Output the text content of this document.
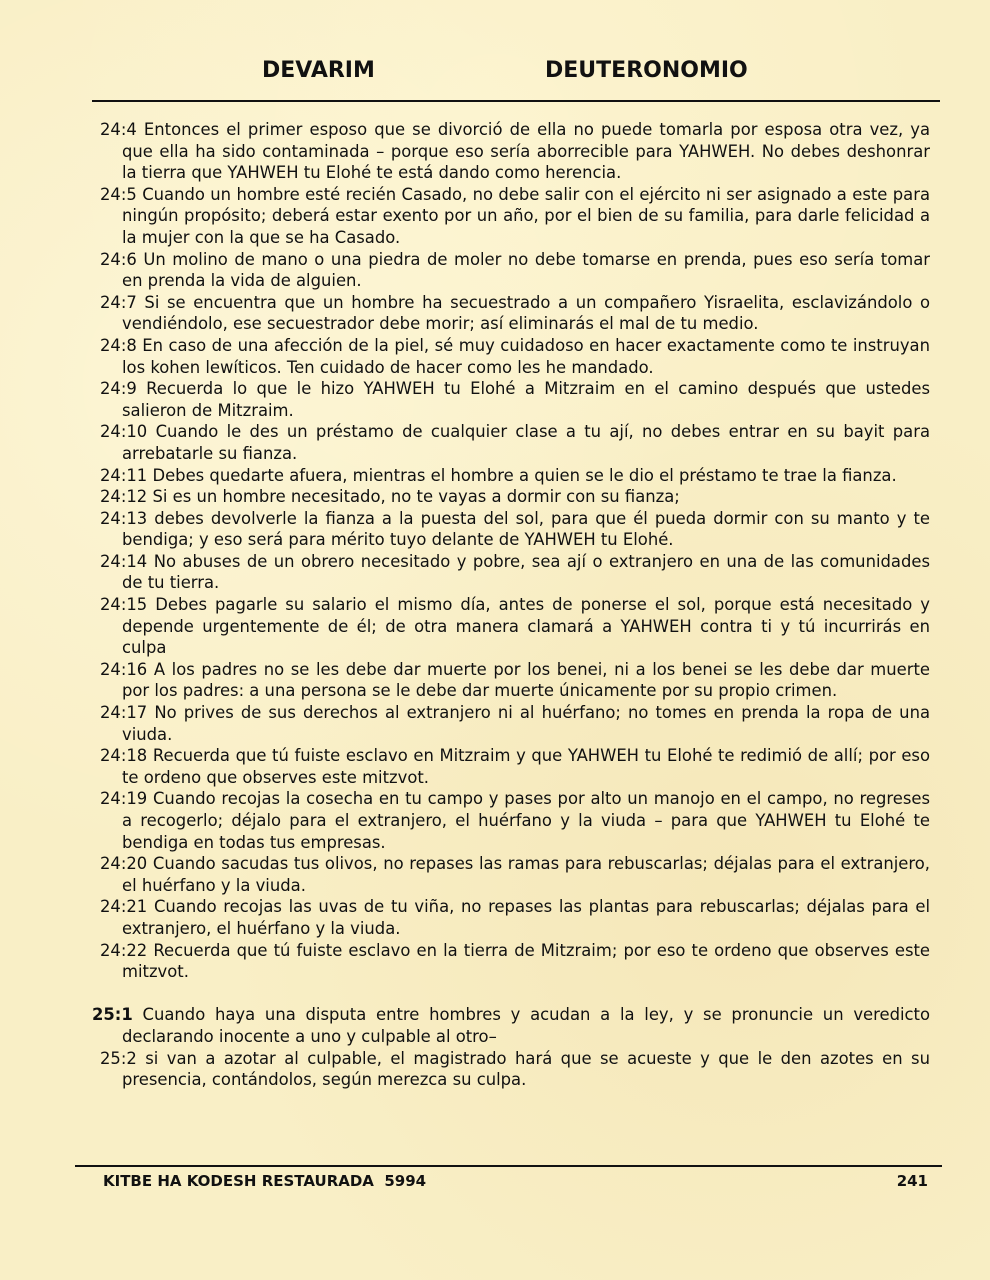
DEVARIM	DEUTERONOMIO

24:4 Entonces el primer esposo que se divorció de ella no puede tomarla por esposa otra vez, ya que ella ha sido contaminada – porque eso sería aborrecible para YAHWEH. No debes deshonrar la tierra que YAHWEH tu Elohé te está dando como herencia.

24:5 Cuando un hombre esté recién Casado, no debe salir con el ejército ni ser asignado a este para ningún propósito; deberá estar exento por un año, por el bien de su familia, para darle felicidad a la mujer con la que se ha Casado.

24:6 Un molino de mano o una piedra de moler no debe tomarse en prenda, pues eso sería tomar en prenda la vida de alguien.

24:7 Si se encuentra que un hombre ha secuestrado a un compañero Yisraelita, esclavizándolo o vendiéndolo, ese secuestrador debe morir; así eliminarás el mal de tu medio.

24:8 En caso de una afección de la piel, sé muy cuidadoso en hacer exactamente como te instruyan los kohen lewíticos. Ten cuidado de hacer como les he mandado.

24:9 Recuerda lo que le hizo YAHWEH tu Elohé a Mitzraim en el camino después que ustedes salieron de Mitzraim.

24:10 Cuando le des un préstamo de cualquier clase a tu ají, no debes entrar en su bayit para arrebatarle su fianza.

24:11 Debes quedarte afuera, mientras el hombre a quien se le dio el préstamo te trae la fianza.

24:12 Si es un hombre necesitado, no te vayas a dormir con su fianza;

24:13 debes devolverle la fianza a la puesta del sol, para que él pueda dormir con su manto y te bendiga; y eso será para mérito tuyo delante de YAHWEH tu Elohé.

24:14 No abuses de un obrero necesitado y pobre, sea ají o extranjero en una de las comunidades de tu tierra.

24:15 Debes pagarle su salario el mismo día, antes de ponerse el sol, porque está necesitado y depende urgentemente de él; de otra manera clamará a YAHWEH contra ti y tú incurrirás en culpa

24:16 A los padres no se les debe dar muerte por los benei, ni a los benei se les debe dar muerte por los padres: a una persona se le debe dar muerte únicamente por su propio crimen.

24:17 No prives de sus derechos al extranjero ni al huérfano; no tomes en prenda la ropa de una viuda.

24:18 Recuerda que tú fuiste esclavo en Mitzraim y que YAHWEH tu Elohé te redimió de allí; por eso te ordeno que observes este mitzvot.

24:19 Cuando recojas la cosecha en tu campo y pases por alto un manojo en el campo, no regreses a recogerlo; déjalo para el extranjero, el huérfano y la viuda – para que YAHWEH tu Elohé te bendiga en todas tus empresas.

24:20 Cuando sacudas tus olivos, no repases las ramas para rebuscarlas; déjalas para el extranjero, el huérfano y la viuda.

24:21 Cuando recojas las uvas de tu viña, no repases las plantas para rebuscarlas; déjalas para el extranjero, el huérfano y la viuda.

24:22 Recuerda que tú fuiste esclavo en la tierra de Mitzraim; por eso te ordeno que observes este mitzvot.

25:1 Cuando haya una disputa entre hombres y acudan a la ley, y se pronuncie un veredicto declarando inocente a uno y culpable al otro–

25:2 si van a azotar al culpable, el magistrado hará que se acueste y que le den azotes en su presencia, contándolos, según merezca su culpa.

KITBE HA KODESH RESTAURADA  5994	241
